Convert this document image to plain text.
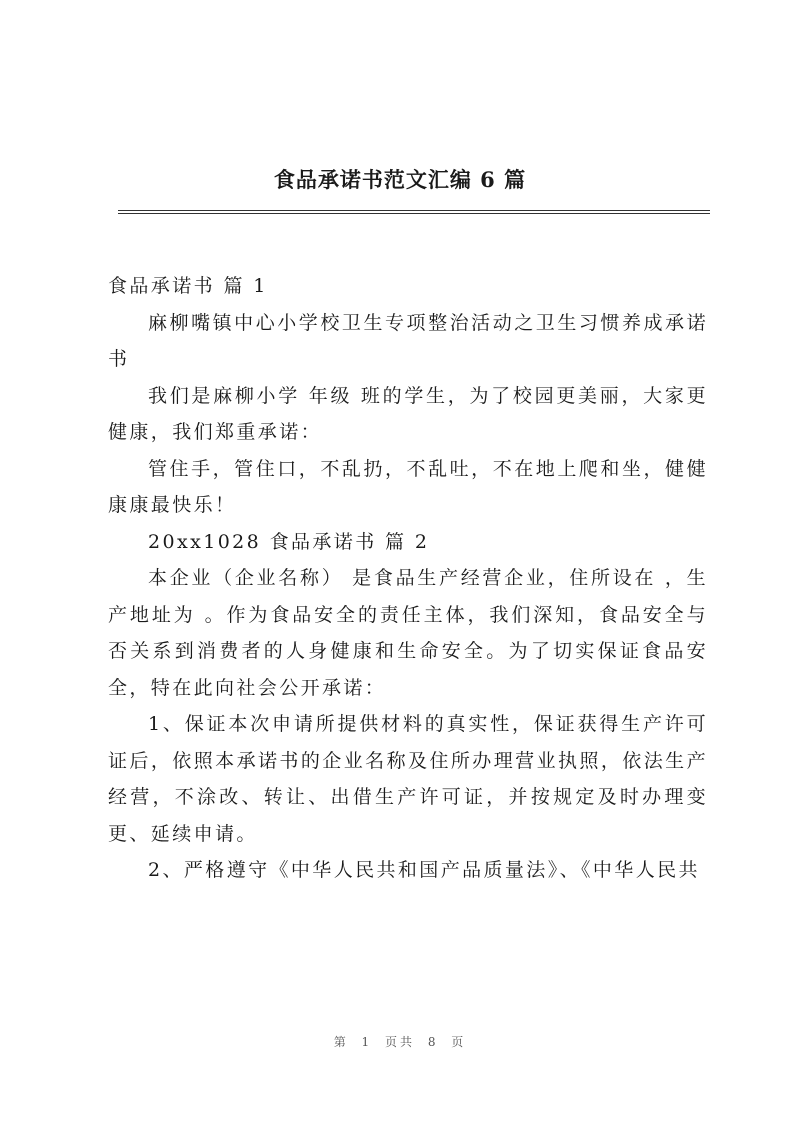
食品承诺书范文汇编 6 篇

食品承诺书 篇 1

麻柳嘴镇中心小学校卫生专项整治活动之卫生习惯养成承诺书

我们是麻柳小学 年级 班的学生，为了校园更美丽，大家更健康，我们郑重承诺：

管住手，管住口，不乱扔，不乱吐，不在地上爬和坐，健健康康最快乐！

20xx1028 食品承诺书 篇 2

本企业（企业名称） 是食品生产经营企业，住所设在 ，生产地址为 。作为食品安全的责任主体，我们深知，食品安全与否关系到消费者的人身健康和生命安全。为了切实保证食品安全，特在此向社会公开承诺：

1、保证本次申请所提供材料的真实性，保证获得生产许可证后，依照本承诺书的企业名称及住所办理营业执照，依法生产经营，不涂改、转让、出借生产许可证，并按规定及时办理变更、延续申请。

2、严格遵守《中华人民共和国产品质量法》、《中华人民共

第 1 页共 8 页
